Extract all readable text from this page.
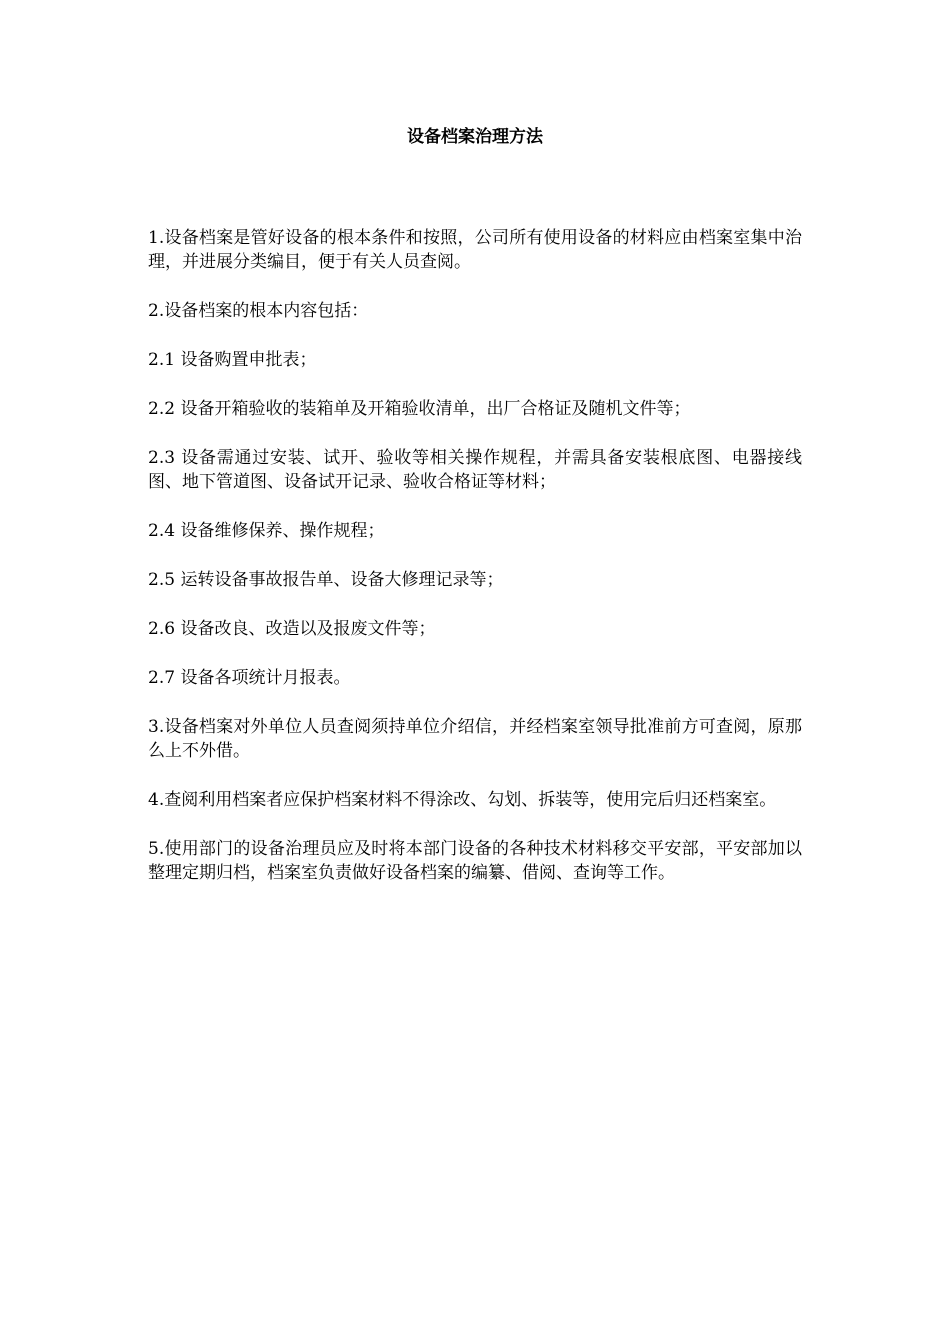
设备档案治理方法

1.设备档案是管好设备的根本条件和按照，公司所有使用设备的材料应由档案室集中治理，并进展分类编目，便于有关人员查阅。

2.设备档案的根本内容包括：

2.1 设备购置申批表；

2.2 设备开箱验收的装箱单及开箱验收清单，出厂合格证及随机文件等；

2.3 设备需通过安装、试开、验收等相关操作规程，并需具备安装根底图、电器接线图、地下管道图、设备试开记录、验收合格证等材料；

2.4 设备维修保养、操作规程；

2.5 运转设备事故报告单、设备大修理记录等；

2.6 设备改良、改造以及报废文件等；

2.7 设备各项统计月报表。

3.设备档案对外单位人员查阅须持单位介绍信，并经档案室领导批准前方可查阅，原那么上不外借。

4.查阅利用档案者应保护档案材料不得涂改、勾划、拆装等，使用完后归还档案室。

5.使用部门的设备治理员应及时将本部门设备的各种技术材料移交平安部，平安部加以整理定期归档，档案室负责做好设备档案的编纂、借阅、查询等工作。
